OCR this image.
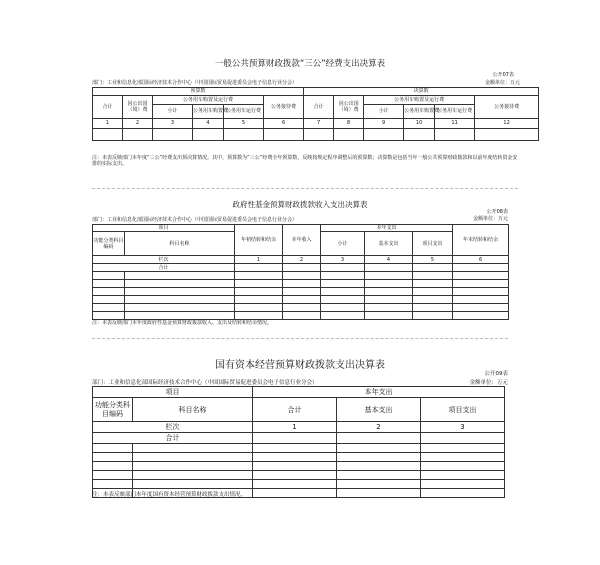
一般公共预算财政拨款“三公”经费支出决算表
公开07表
部门：工业和信息化部国际经济技术合作中心（中国国际贸易促进委员会电子信息行业分会）	金额单位：万元
预算数						决算数					
合计	因公出国（境）费	公务用车购置及运行费			公务接待费	合计	因公出国（境）费	公务用车购置及运行费			公务接待费
		小计	公务用车购置费	公务用车运行费				小计	公务用车购置费	公务用车运行费	
1	2	3	4	5	6	7	8	9	10	11	12

注：本表反映部门本年度“三公”经费支出预决算情况。其中，预算数为“三公”经费全年预算数，反映按规定程序调整后的预算数；决算数是包括当年一般公共预算财政拨款和以前年度结转资金安排的实际支出。
政府性基金预算财政拨款收入支出决算表
公开08表
部门：工业和信息化部国际经济技术合作中心（中国国际贸易促进委员会电子信息行业分会）	金额单位：万元
项目		年初结转和结余	本年收入	本年支出			年末结转和结余
功能分类科目编码	科目名称			小计	基本支出	项目支出	

栏次		1	2	3	4	5	6
合计							

注：本表反映部门本年度政府性基金预算财政拨款收入、支出及结转和结余情况。
国有资本经营预算财政拨款支出决算表
公开09表
部门：工业和信息化部国际经济技术合作中心（中国国际贸易促进委员会电子信息行业分会）	金额单位：万元
项目		本年支出		
功能分类科目编码	科目名称	合计	基本支出	项目支出
栏次		1	2	3
合计				

注：本表反映部门本年度国有资本经营预算财政拨款支出情况。
